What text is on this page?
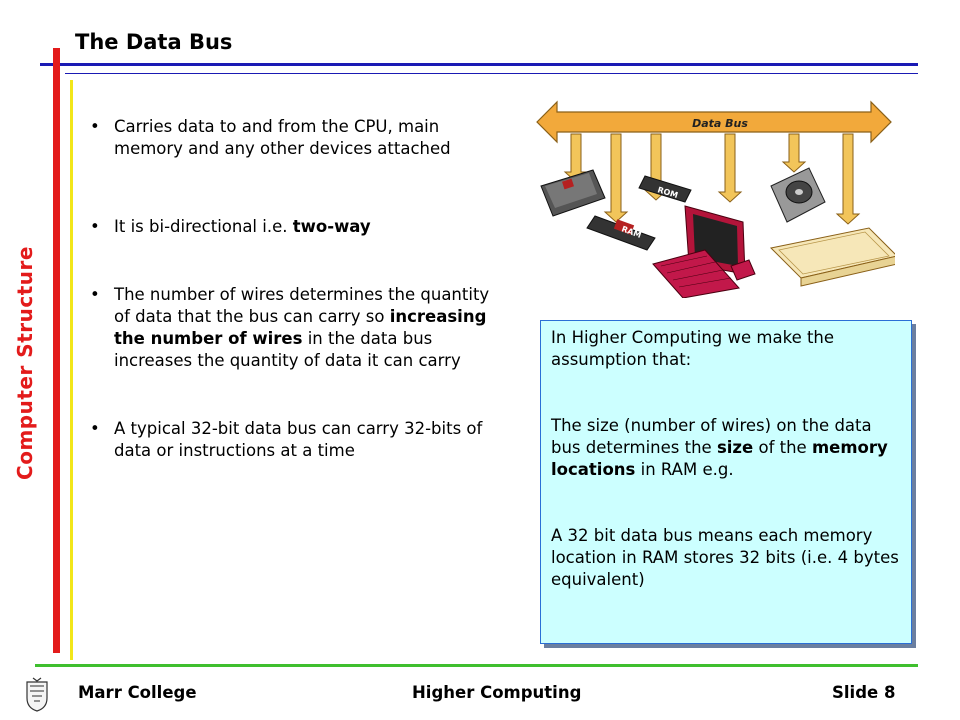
The Data Bus
Computer Structure
• Carries data to and from the CPU, main memory and any other devices attached
• It is bi-directional i.e. two-way
• The number of wires determines the quantity of data that the bus can carry so increasing the number of wires in the data bus increases the quantity of data it can carry
• A typical 32-bit data bus can carry 32-bits of data or instructions at a time
Data Bus
RAM
ROM
In Higher Computing we make the assumption that:
The size (number of wires) on the data bus determines the size of the memory locations in RAM e.g.
A 32 bit data bus means each memory location in RAM stores 32 bits (i.e. 4 bytes equivalent)
Marr College	Higher Computing	Slide 8
